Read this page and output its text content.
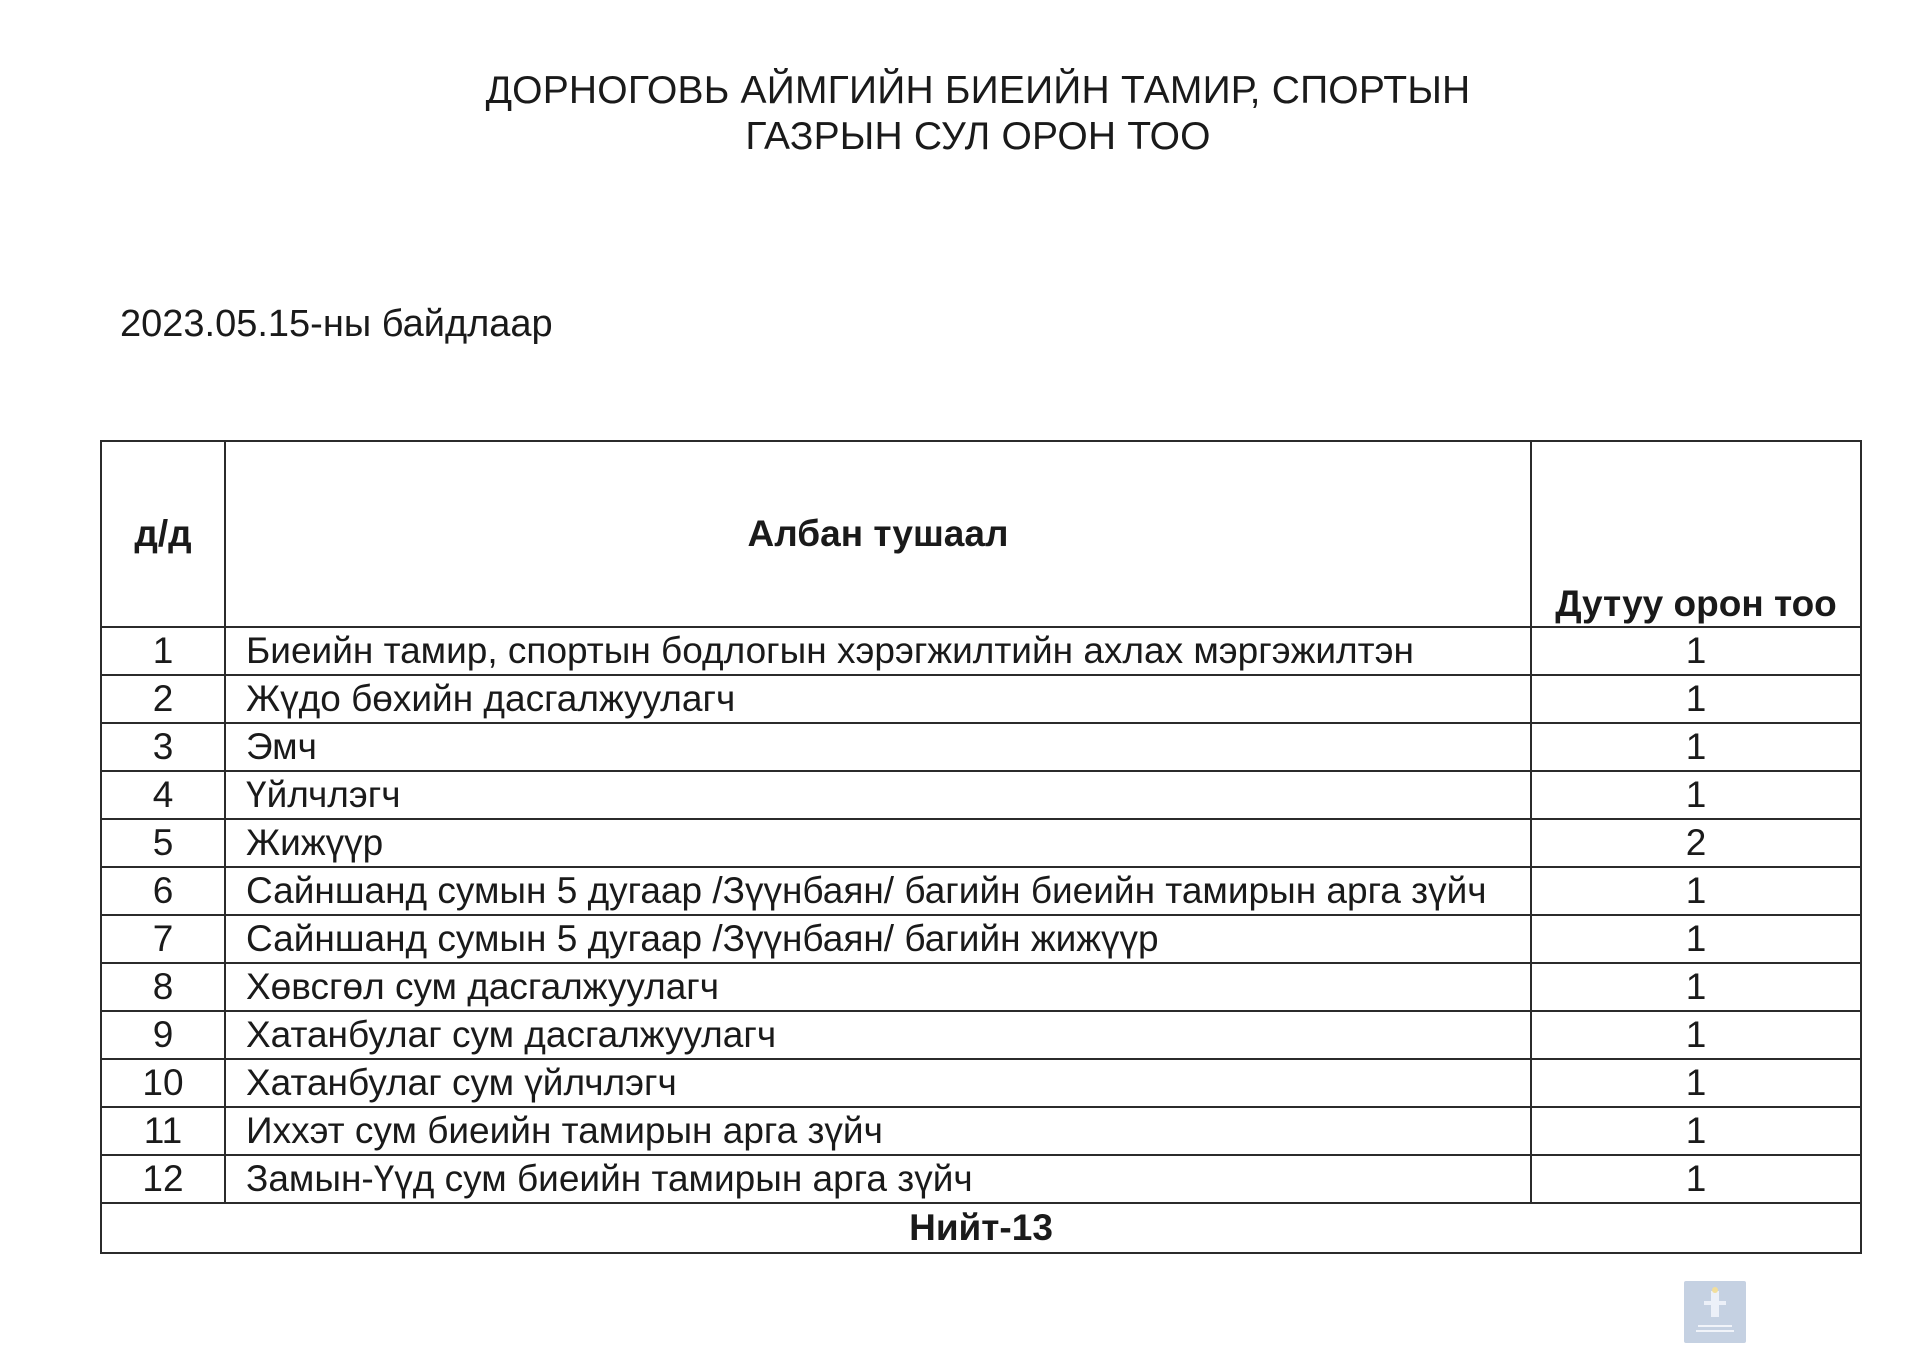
ДОРНОГОВЬ АЙМГИЙН БИЕИЙН ТАМИР, СПОРТЫН
ГАЗРЫН СУЛ ОРОН ТОО
2023.05.15-ны байдлаар
д/д	Албан тушаал	Дутуу орон тоо
1	Биеийн тамир, спортын бодлогын хэрэгжилтийн ахлах мэргэжилтэн	1
2	Жүдо бөхийн дасгалжуулагч	1
3	Эмч	1
4	Үйлчлэгч	1
5	Жижүүр	2
6	Сайншанд сумын 5 дугаар /Зүүнбаян/ багийн биеийн тамирын арга зүйч	1
7	Сайншанд сумын 5 дугаар /Зүүнбаян/ багийн жижүүр	1
8	Хөвсгөл сум дасгалжуулагч	1
9	Хатанбулаг сум дасгалжуулагч	1
10	Хатанбулаг сум үйлчлэгч	1
11	Иххэт сум биеийн тамирын арга зүйч	1
12	Замын-Үүд сум биеийн тамирын арга зүйч	1
Нийт-13		
